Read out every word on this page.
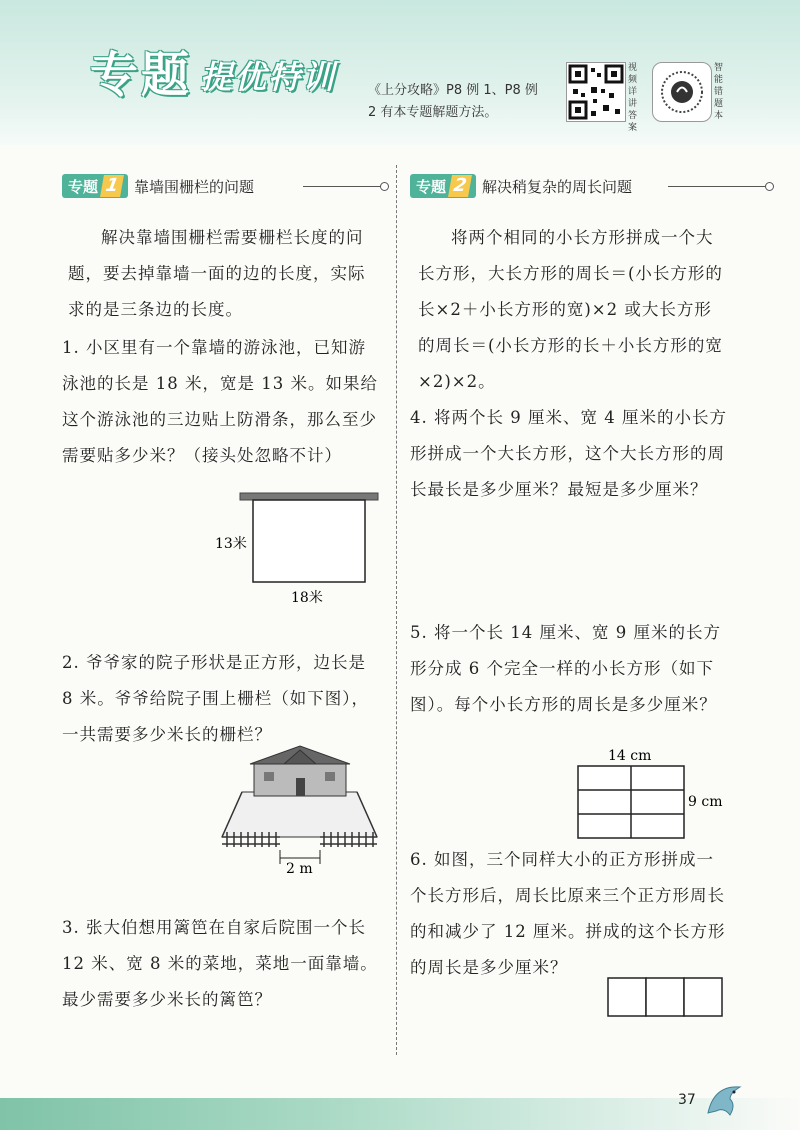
专题 提优特训 《上分攻略》P8 例 1、P8 例 2 有本专题解题方法。
视频详讲答案
智能错题本
专题 1 靠墙围栅栏的问题
解决靠墙围栅栏需要栅栏长度的问题，要去掉靠墙一面的边的长度，实际求的是三条边的长度。
1. 小区里有一个靠墙的游泳池，已知游泳池的长是 18 米，宽是 13 米。如果给这个游泳池的三边贴上防滑条，那么至少需要贴多少米？（接头处忽略不计）
13米
18米
2. 爷爷家的院子形状是正方形，边长是 8 米。爷爷给院子围上栅栏（如下图），一共需要多少米长的栅栏？
2 m
3. 张大伯想用篱笆在自家后院围一个长 12 米、宽 8 米的菜地，菜地一面靠墙。最少需要多少米长的篱笆？
专题 2 解决稍复杂的周长问题
将两个相同的小长方形拼成一个大长方形，大长方形的周长＝(小长方形的长×2＋小长方形的宽)×2 或大长方形的周长＝(小长方形的长＋小长方形的宽×2)×2。
4. 将两个长 9 厘米、宽 4 厘米的小长方形拼成一个大长方形，这个大长方形的周长最长是多少厘米？最短是多少厘米？
5. 将一个长 14 厘米、宽 9 厘米的长方形分成 6 个完全一样的小长方形（如下图）。每个小长方形的周长是多少厘米？
14 cm
9 cm
6. 如图，三个同样大小的正方形拼成一个长方形后，周长比原来三个正方形周长的和减少了 12 厘米。拼成的这个长方形的周长是多少厘米？
37
